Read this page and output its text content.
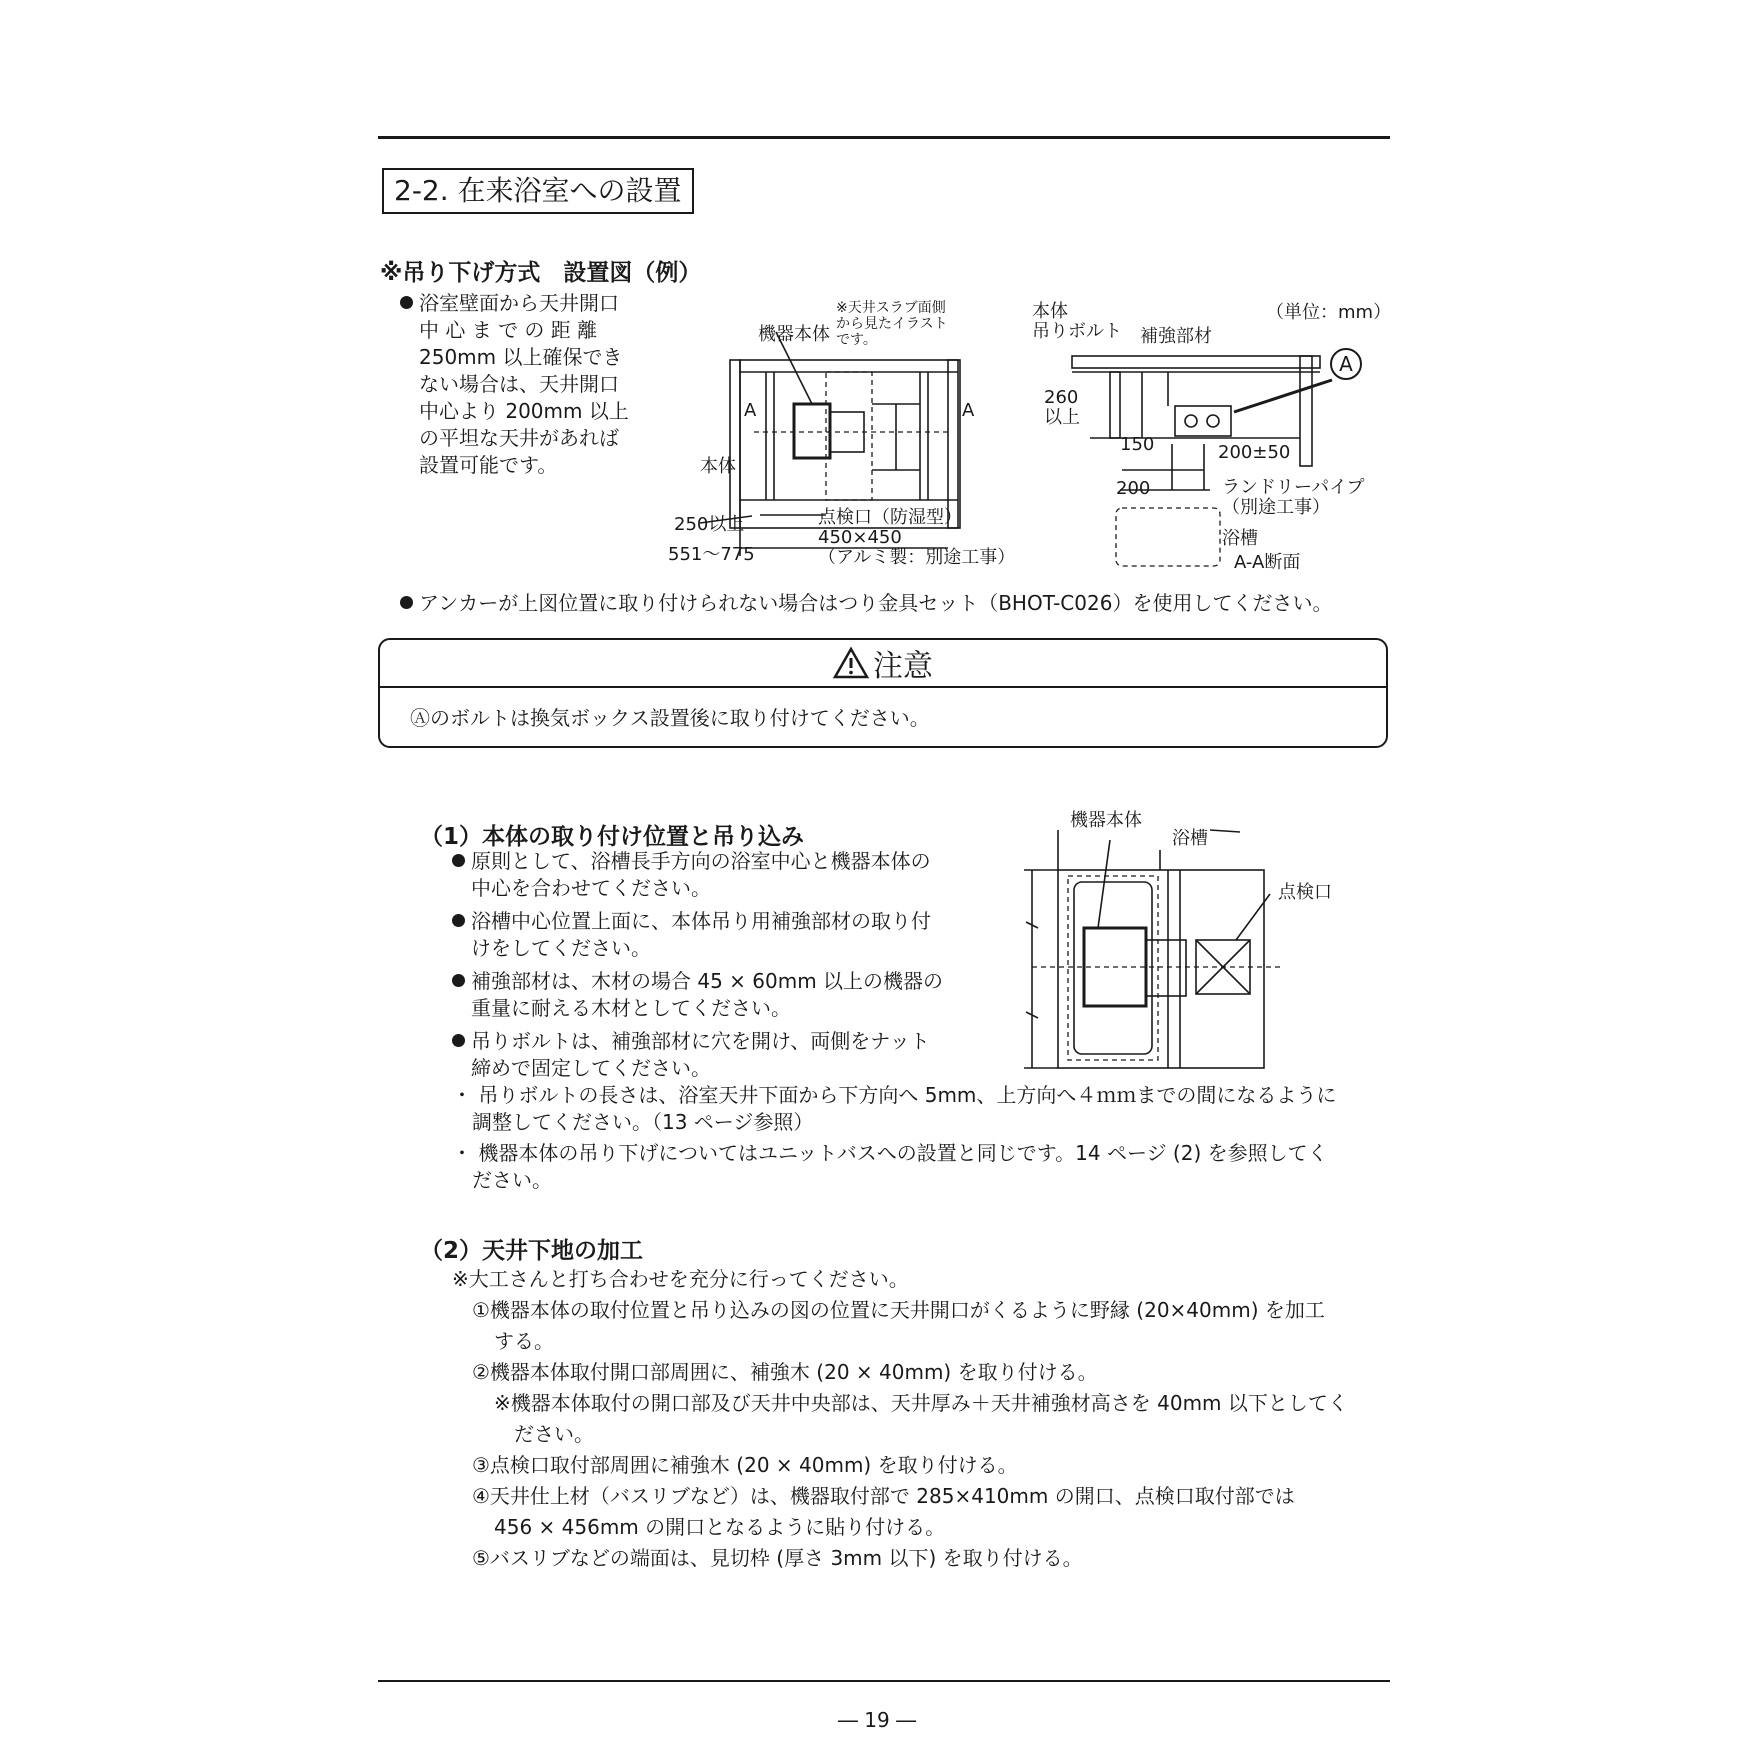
2-2. 在来浴室への設置
※吊り下げ方式　設置図（例）
浴室壁面から天井開口
中 心 ま で の 距 離
250mm 以上確保でき
ない場合は、天井開口
中心より 200mm 以上
の平坦な天井があれば
設置可能です。
※天井スラブ面側
から見たイラスト
です。
機器本体
A	A
本体
250以上
551～775
点検口（防湿型）
450×450
（アルミ製：別途工事）
（単位：mm）
本体
吊りボルト 補強部材
A
260
以上
150	200±50
200	ランドリーパイプ
（別途工事）
浴槽
A-A断面
アンカーが上図位置に取り付けられない場合はつり金具セット（BHOT-C026）を使用してください。
注意
Ⓐのボルトは換気ボックス設置後に取り付けてください。
（1）本体の取り付け位置と吊り込み
原則として、浴槽長手方向の浴室中心と機器本体の
中心を合わせてください。
浴槽中心位置上面に、本体吊り用補強部材の取り付
けをしてください。
補強部材は、木材の場合 45 × 60mm 以上の機器の
重量に耐える木材としてください。
吊りボルトは、補強部材に穴を開け、両側をナット
締めで固定してください。
・ 吊りボルトの長さは、浴室天井下面から下方向へ 5mm、上方向へ４ｍｍまでの間になるように
調整してください。（13 ページ参照）
・ 機器本体の吊り下げについてはユニットバスへの設置と同じです。14 ページ (2) を参照してく
ださい。
機器本体
浴槽
点検口
（2）天井下地の加工
※大工さんと打ち合わせを充分に行ってください。
①機器本体の取付位置と吊り込みの図の位置に天井開口がくるように野縁 (20×40mm) を加工
する。
②機器本体取付開口部周囲に、補強木 (20 × 40mm) を取り付ける。
※機器本体取付の開口部及び天井中央部は、天井厚み＋天井補強材高さを 40mm 以下としてく
ださい。
③点検口取付部周囲に補強木 (20 × 40mm) を取り付ける。
④天井仕上材（バスリブなど）は、機器取付部で 285×410mm の開口、点検口取付部では
456 × 456mm の開口となるように貼り付ける。
⑤バスリブなどの端面は、見切枠 (厚さ 3mm 以下) を取り付ける。
― 19 ―
